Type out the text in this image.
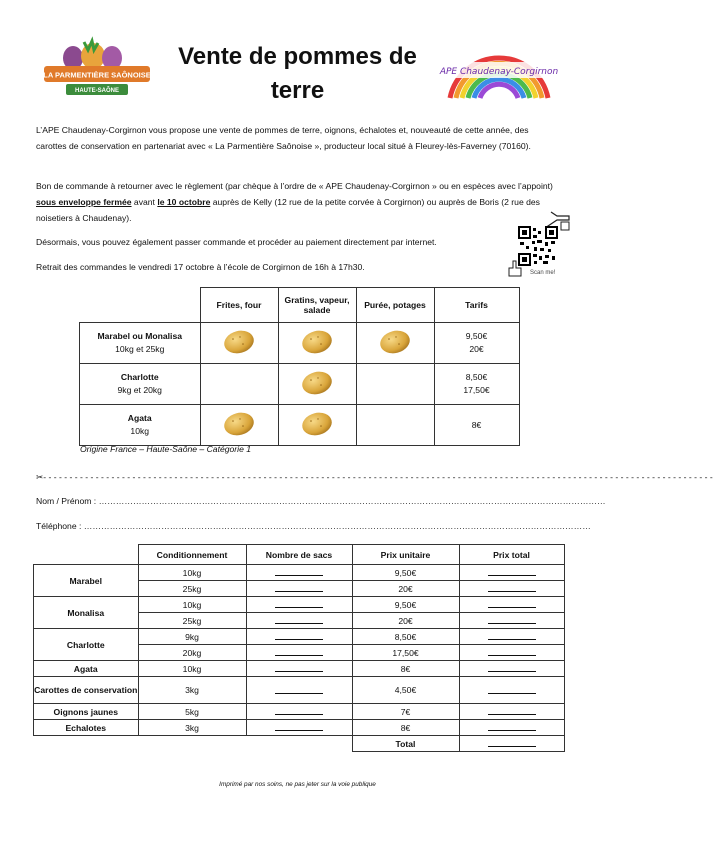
LA PARMENTIÈRE SAÔNOISE
HAUTE-SAÔNE
Vente de pommes de
terre
APE Chaudenay-Corgirnon
L’APE Chaudenay-Corgirnon vous propose une vente de pommes de terre, oignons, échalotes et, nouveauté de cette année, des carottes de conservation en partenariat avec « La Parmentière Saônoise », producteur local situé à Fleurey-lès-Faverney (70160).
Bon de commande à retourner avec le règlement (par chèque à l’ordre de « APE Chaudenay-Corgirnon » ou en espèces avec l’appoint) sous enveloppe fermée avant le 10 octobre auprès de Kelly (12 rue de la petite corvée à Corgirnon) ou auprès de Boris (2 rue des noisetiers à Chaudenay).
Désormais, vous pouvez également passer commande et procéder au paiement directement par internet.
Retrait des commandes le vendredi 17 octobre à l’école de Corgirnon de 16h à 17h30.
Scan me!
	Frites, four	Gratins, vapeur, salade	Purée, potages	Tarifs
Marabel ou Monalisa
10kg et 25kg				9,50€
20€
Charlotte
9kg et 20kg				8,50€
17,50€
Agata
10kg				8€
Origine France – Haute-Saône – Catégorie 1
✂- - - - - - - - - - - - - - - - - - - - - - - - - - - - - - - - - - - - - - - - - - - - - - - - - - - - - - - - - - - - - - - - - - - - - - - - - - - - - - - - - - - - - - - - - - - - - - - - - - - - - - - - - - - - - - - - - - - - - - - - - - - - - - - -
Nom / Prénom : ……………………………………………………………………………………………………………………………………………………………
Téléphone : ……………………………………………………………………………………………………………………………………………………………
	Conditionnement	Nombre de sacs	Prix unitaire	Prix total
Marabel	10kg		9,50€	
	25kg		20€	
Monalisa	10kg		9,50€	
	25kg		20€	
Charlotte	9kg		8,50€	
	20kg		17,50€	
Agata	10kg		8€	
Carottes de conservation	3kg		4,50€	
Oignons jaunes	5kg		7€	
Echalotes	3kg		8€	
			Total	
Imprimé par nos soins, ne pas jeter sur la voie publique
